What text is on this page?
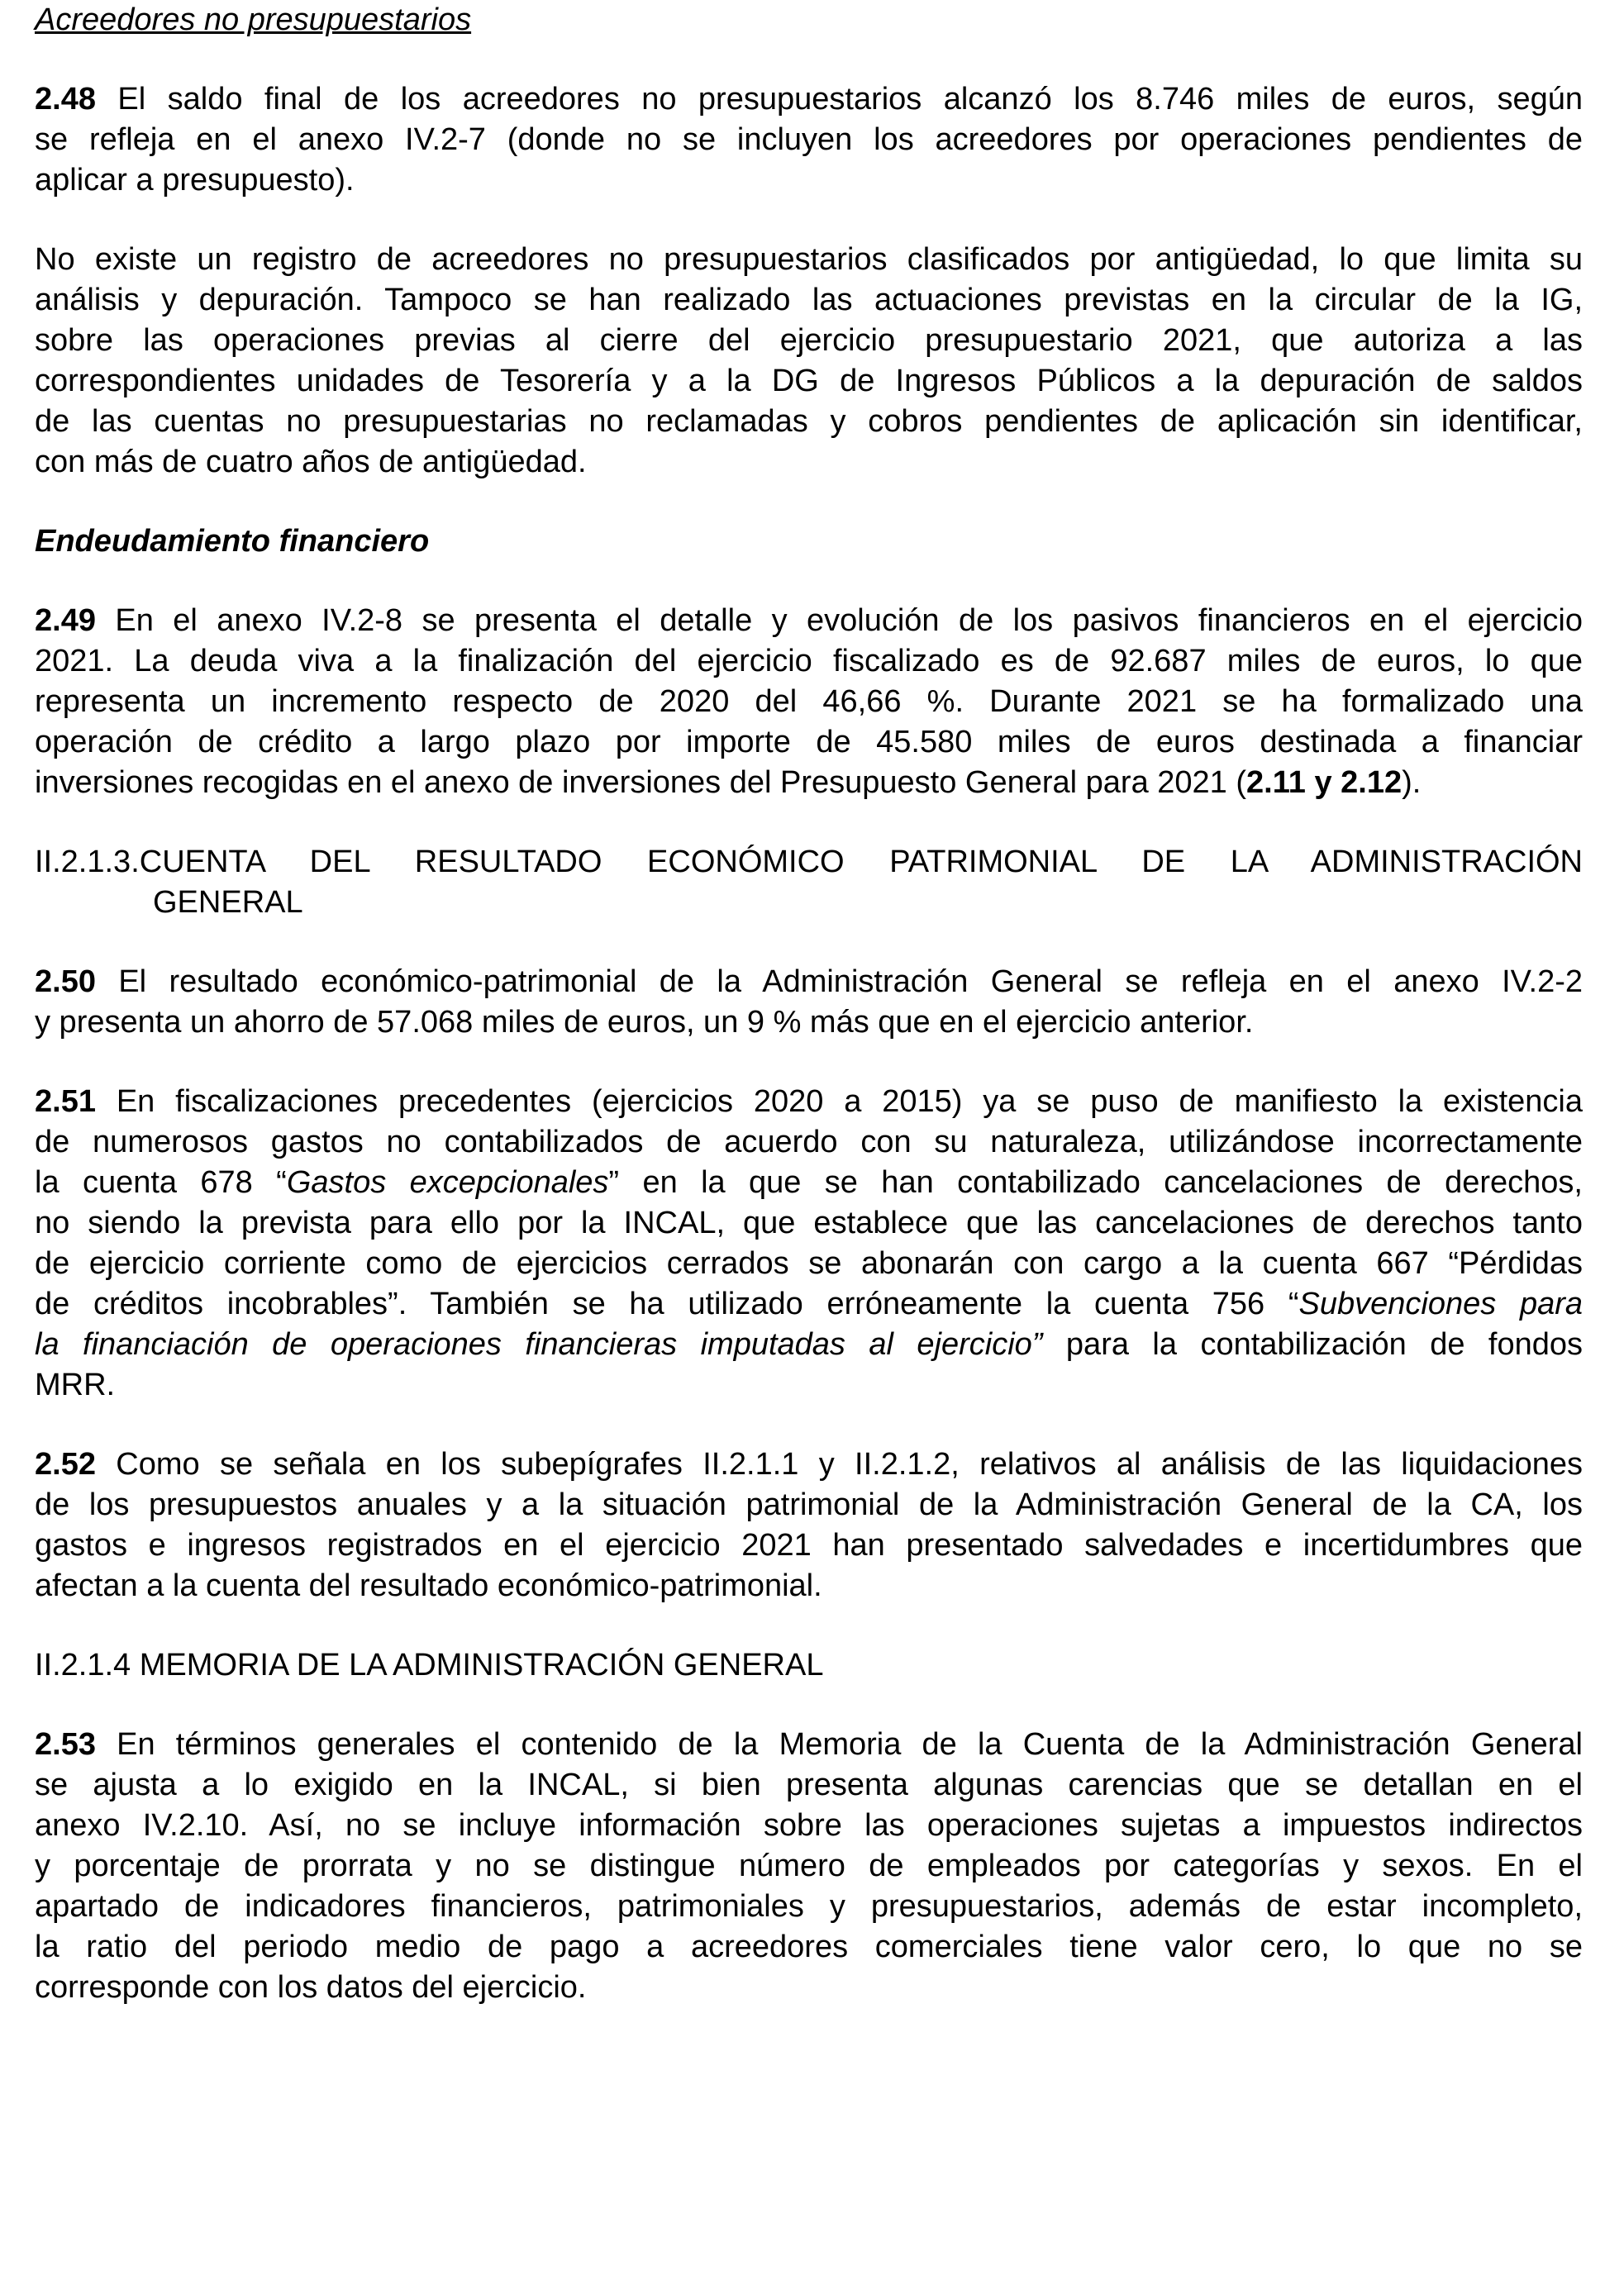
Acreedores no presupuestarios
2.48 El saldo final de los acreedores no presupuestarios alcanzó los 8.746 miles de euros, según
se refleja en el anexo IV.2-7 (donde no se incluyen los acreedores por operaciones pendientes de
aplicar a presupuesto).
No existe un registro de acreedores no presupuestarios clasificados por antigüedad, lo que limita su
análisis y depuración. Tampoco se han realizado las actuaciones previstas en la circular de la IG,
sobre las operaciones previas al cierre del ejercicio presupuestario 2021, que autoriza a las
correspondientes unidades de Tesorería y a la DG de Ingresos Públicos a la depuración de saldos
de las cuentas no presupuestarias no reclamadas y cobros pendientes de aplicación sin identificar,
con más de cuatro años de antigüedad.
Endeudamiento financiero
2.49 En el anexo IV.2-8 se presenta el detalle y evolución de los pasivos financieros en el ejercicio
2021. La deuda viva a la finalización del ejercicio fiscalizado es de 92.687 miles de euros, lo que
representa un incremento respecto de 2020 del 46,66 %. Durante 2021 se ha formalizado una
operación de crédito a largo plazo por importe de 45.580 miles de euros destinada a financiar
inversiones recogidas en el anexo de inversiones del Presupuesto General para 2021 (2.11 y 2.12).
II.2.1.3.CUENTA DEL RESULTADO ECONÓMICO PATRIMONIAL DE LA ADMINISTRACIÓN
GENERAL
2.50 El resultado económico-patrimonial de la Administración General se refleja en el anexo IV.2-2
y presenta un ahorro de 57.068 miles de euros, un 9 % más que en el ejercicio anterior.
2.51 En fiscalizaciones precedentes (ejercicios 2020 a 2015) ya se puso de manifiesto la existencia
de numerosos gastos no contabilizados de acuerdo con su naturaleza, utilizándose incorrectamente
la cuenta 678 “Gastos excepcionales” en la que se han contabilizado cancelaciones de derechos,
no siendo la prevista para ello por la INCAL, que establece que las cancelaciones de derechos tanto
de ejercicio corriente como de ejercicios cerrados se abonarán con cargo a la cuenta 667 “Pérdidas
de créditos incobrables”. También se ha utilizado erróneamente la cuenta 756 “Subvenciones para
la financiación de operaciones financieras imputadas al ejercicio” para la contabilización de fondos
MRR.
2.52 Como se señala en los subepígrafes II.2.1.1 y II.2.1.2, relativos al análisis de las liquidaciones
de los presupuestos anuales y a la situación patrimonial de la Administración General de la CA, los
gastos e ingresos registrados en el ejercicio 2021 han presentado salvedades e incertidumbres que
afectan a la cuenta del resultado económico-patrimonial.
II.2.1.4 MEMORIA DE LA ADMINISTRACIÓN GENERAL
2.53 En términos generales el contenido de la Memoria de la Cuenta de la Administración General
se ajusta a lo exigido en la INCAL, si bien presenta algunas carencias que se detallan en el
anexo IV.2.10. Así, no se incluye información sobre las operaciones sujetas a impuestos indirectos
y porcentaje de prorrata y no se distingue número de empleados por categorías y sexos. En el
apartado de indicadores financieros, patrimoniales y presupuestarios, además de estar incompleto,
la ratio del periodo medio de pago a acreedores comerciales tiene valor cero, lo que no se
corresponde con los datos del ejercicio.
